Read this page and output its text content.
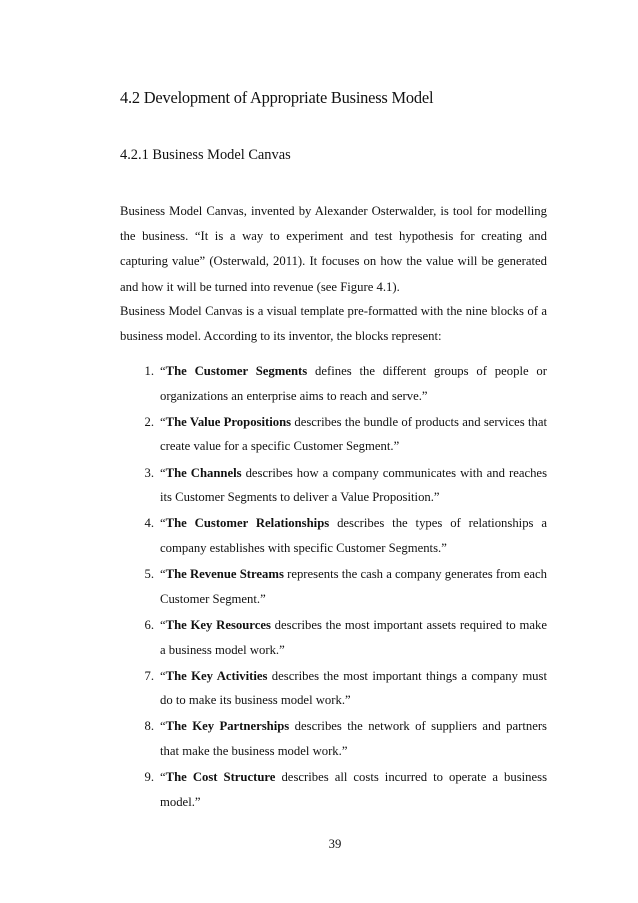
4.2 Development of Appropriate Business Model
4.2.1 Business Model Canvas

Business Model Canvas, invented by Alexander Osterwalder, is tool for modelling the business. “It is a way to experiment and test hypothesis for creating and capturing value” (Osterwald, 2011). It focuses on how the value will be generated and how it will be turned into revenue (see Figure 4.1).

Business Model Canvas is a visual template pre-formatted with the nine blocks of a business model. According to its inventor, the blocks represent:

1. “The Customer Segments defines the different groups of people or organizations an enterprise aims to reach and serve.”
2. “The Value Propositions describes the bundle of products and services that create value for a specific Customer Segment.”
3. “The Channels describes how a company communicates with and reaches its Customer Segments to deliver a Value Proposition.”
4. “The Customer Relationships describes the types of relationships a company establishes with specific Customer Segments.”
5. “The Revenue Streams represents the cash a company generates from each Customer Segment.”
6. “The Key Resources describes the most important assets required to make a business model work.”
7. “The Key Activities describes the most important things a company must do to make its business model work.”
8. “The Key Partnerships describes the network of suppliers and partners that make the business model work.”
9. “The Cost Structure describes all costs incurred to operate a business model.”
39
